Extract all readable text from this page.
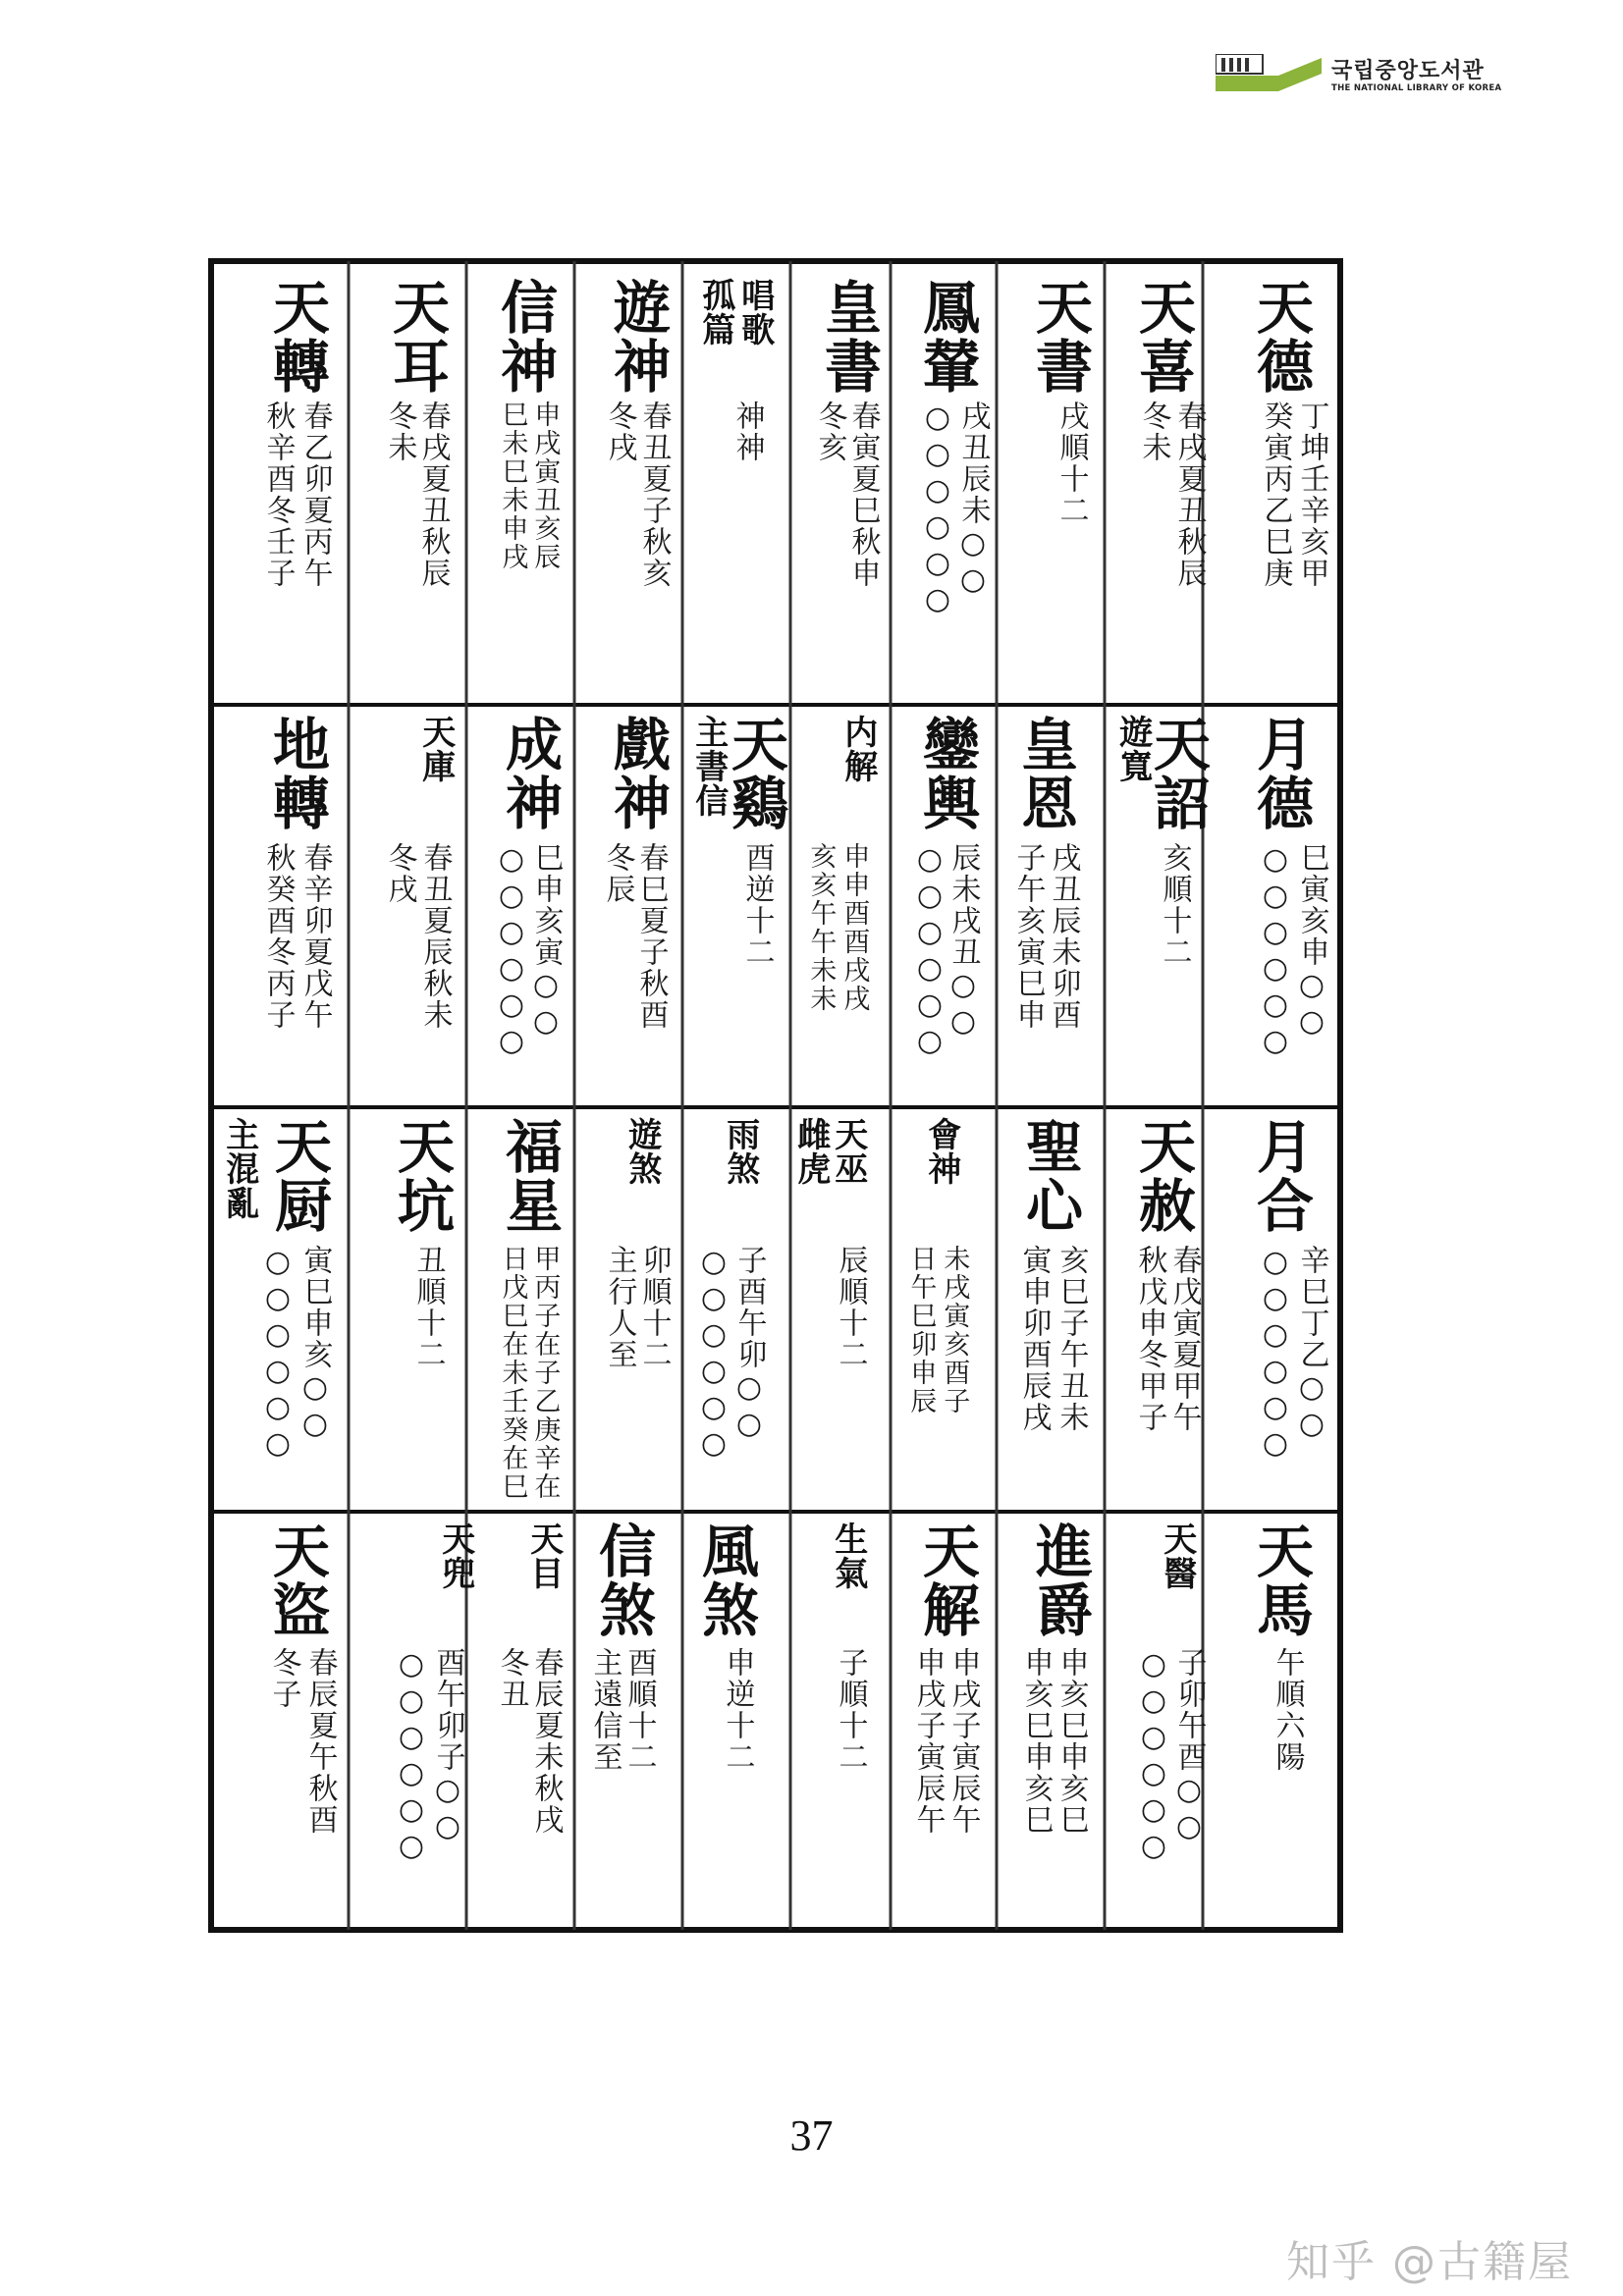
국립중앙도서관
THE NATIONAL LIBRARY OF KOREA
天德
丁坤壬辛亥甲
癸寅丙乙巳庚
天喜
春戌夏丑秋辰
冬未
天書
戌順十二
鳳輦
戌丑辰未○○
○○○○○○
皇書
春寅夏巳秋申
冬亥
唱歌
孤篇
神神
遊神
春丑夏子秋亥
冬戌
信神
申戌寅丑亥辰
巳未巳未申戌
天耳
春戌夏丑秋辰
冬未
天轉
春乙卯夏丙午
秋辛酉冬壬子
月德
巳寅亥申○○
○○○○○○
天詔
亥順十二
遊寬
皇恩
戌丑辰未卯酉
子午亥寅巳申
鑾輿
辰未戌丑○○
○○○○○○
内解
申申酉酉戌戌
亥亥午午未未
天鷄
酉逆十二
主書信
戲神
春巳夏子秋酉
冬辰
成神
巳申亥寅○○
○○○○○○
天庫
春丑夏辰秋未
冬戌
地轉
春辛卯夏戊午
秋癸酉冬丙子
月合
辛巳丁乙○○
○○○○○○
天赦
春戊寅夏甲午
秋戊申冬甲子
聖心
亥巳子午丑未
寅申卯酉辰戌
會神
未戌寅亥酉子
日午巳卯申辰
天巫
辰順十二
雌虎
雨煞
子酉午卯○○
○○○○○○
遊煞
卯順十二
主行人至
福星
甲丙子在子乙庚辛在
日戊巳在未壬癸在巳
天坑
丑順十二
天厨
寅巳申亥○○
○○○○○○
主混亂
天馬
午順六陽
天醫
子卯午酉○○
○○○○○○
進爵
申亥巳申亥巳
申亥巳申亥巳
天解
申戌子寅辰午
申戌子寅辰午
生氣
子順十二
風煞
申逆十二
信煞
酉順十二
主遠信至
天目
春辰夏未秋戌
冬丑
天兜
酉午卯子○○
○○○○○○
天盜
春辰夏午秋酉
冬子
37
知乎 @古籍屋
